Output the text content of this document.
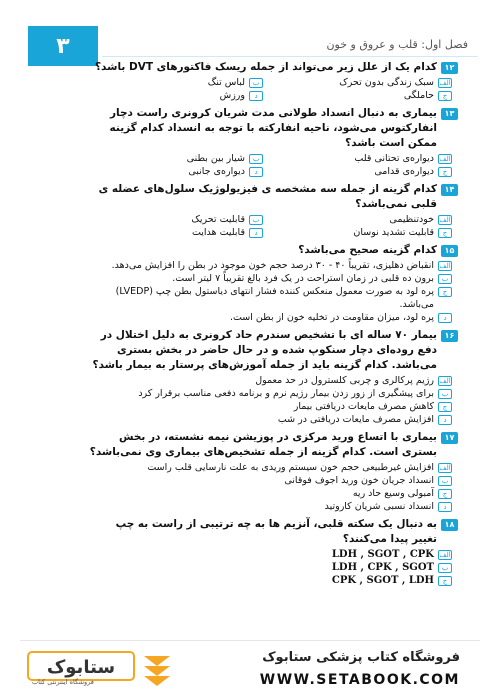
۳	فصل اول: قلب و عروق و خون
۱۲
کدام یک از علل زیر می‌تواند از جمله ریسک فاکتورهای DVT باشد؟
الف
سبک زندگی بدون تحرک
ب
لباس تنگ
ج
حاملگی
د
ورزش
۱۳
بیماری به دنبال انسداد طولانی مدت شریان کرونری راست دچار انفارکتوس می‌شود، ناحیه انفارکته با توجه به انسداد کدام گزینه ممکن است باشد؟
الف
دیواره‌ی تحتانی قلب
ب
شیار بین بطنی
ج
دیواره‌ی قدامی
د
دیواره‌ی جانبی
۱۴
کدام گزینه از جمله سه مشخصه ی فیزیولوژیک سلول‌های عضله ی قلبی نمی‌باشد؟
الف
خودتنظیمی
ب
قابلیت تحریک
ج
قابلیت تشدید نوسان
د
قابلیت هدایت
۱۵
کدام گزینه صحیح می‌باشد؟
الف
انقباض دهلیزی، تقریباً ۴۰ - ۳۰ درصد حجم خون موجود در بطن را افزایش می‌دهد.
ب
برون ده قلبی در زمان استراحت در یک فرد بالغ تقریباً ۷ لیتر است.
ج
پره لود به صورت معمول منعکس کننده فشار انتهای دیاستول بطن چپ (LVEDP) می‌باشد.
د
پره لود، میزان مقاومت در تخلیه خون از بطن است.
۱۶
بیمار ۷۰ ساله ای با تشخیص سندرم حاد کرونری به دلیل اختلال در دفع روده‌ای دچار سنکوپ شده و در حال حاضر در بخش بستری می‌باشد. کدام گزینه باید از جمله آموزش‌های پرستار به بیمار باشد؟
الف
رژیم پرکالری و چربی کلسترول در حد معمول
ب
برای پیشگیری از زور زدن بیمار رژیم نرم و برنامه دفعی مناسب برقرار کرد
ج
کاهش مصرف مایعات دریافتی بیمار
د
افزایش مصرف مایعات دریافتی در شب
۱۷
بیماری با اتساع ورید مرکزی در پوزیشن نیمه نشسته، در بخش بستری است. کدام گزینه از جمله تشخیص‌های بیماری وی نمی‌باشد؟
الف
افزایش غیرطبیعی حجم خون سیستم وریدی به علت نارسایی قلب راست
ب
انسداد جریان خون ورید اجوف فوقانی
ج
آمبولی وسیع حاد ریه
د
انسداد نسبی شریان کاروتید
۱۸
به دنبال یک سکته قلبی، آنزیم ها به چه ترتیبی از راست به چپ تغییر پیدا می‌کنند؟
الف
LDH , SGOT , CPK
ب
LDH , CPK , SGOT
ج
CPK , SGOT , LDH
ستابوک
فروشگاه اینترنتی کتاب
فروشگاه کتاب پزشکی ستابوک
WWW.SETABOOK.COM
